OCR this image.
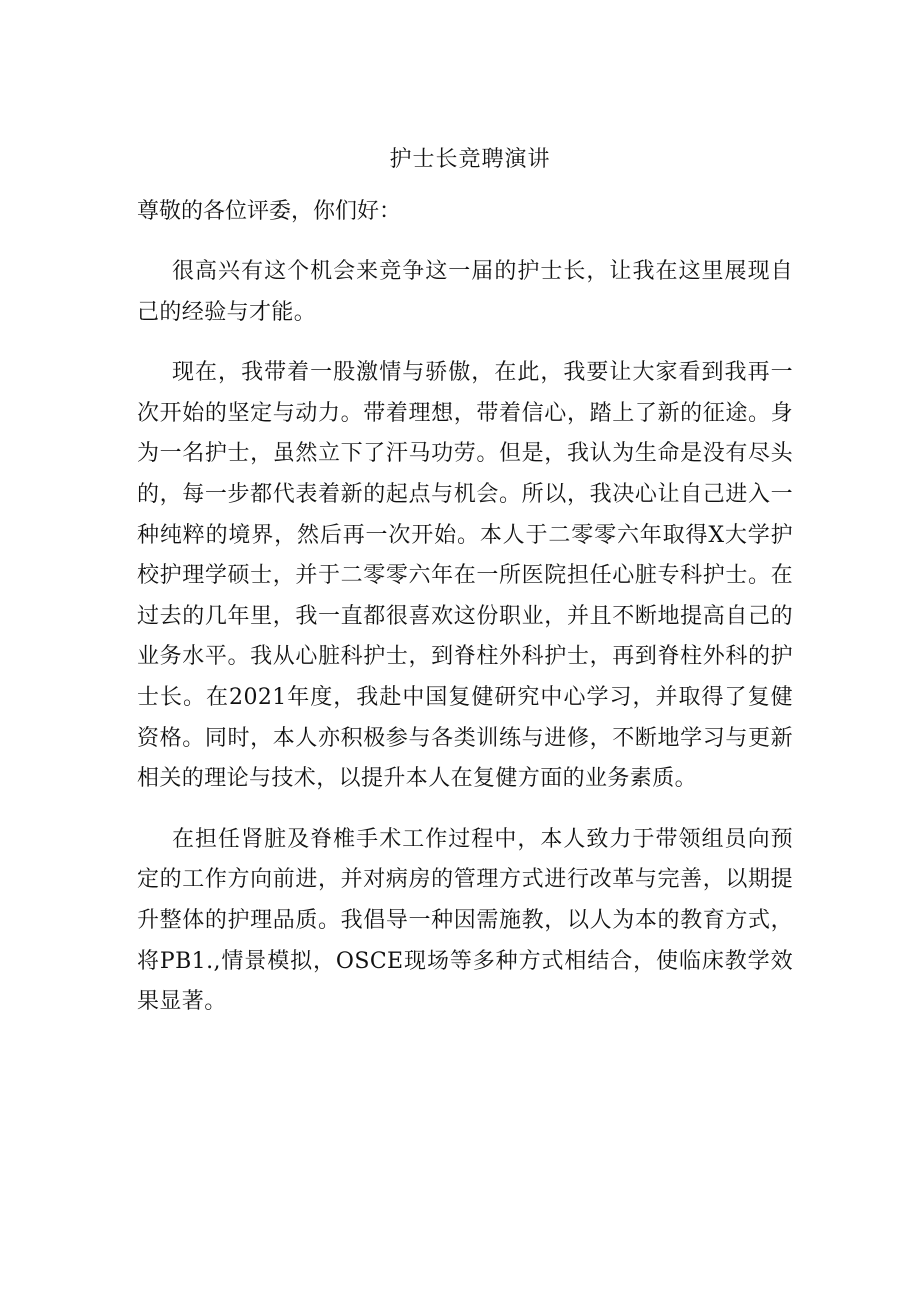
护士长竞聘演讲

尊敬的各位评委，你们好：

很高兴有这个机会来竞争这一届的护士长，让我在这里展现自己的经验与才能。

现在，我带着一股激情与骄傲，在此，我要让大家看到我再一次开始的坚定与动力。带着理想，带着信心，踏上了新的征途。身为一名护士，虽然立下了汗马功劳。但是，我认为生命是没有尽头的，每一步都代表着新的起点与机会。所以，我决心让自己进入一种纯粹的境界，然后再一次开始。本人于二零零六年取得X大学护校护理学硕士，并于二零零六年在一所医院担任心脏专科护士。在过去的几年里，我一直都很喜欢这份职业，并且不断地提高自己的业务水平。我从心脏科护士，到脊柱外科护士，再到脊柱外科的护士长。在2021年度，我赴中国复健研究中心学习，并取得了复健资格。同时，本人亦积极参与各类训练与进修，不断地学习与更新相关的理论与技术，以提升本人在复健方面的业务素质。

在担任肾脏及脊椎手术工作过程中，本人致力于带领组员向预定的工作方向前进，并对病房的管理方式进行改革与完善，以期提升整体的护理品质。我倡导一种因需施教，以人为本的教育方式，将PB1.,情景模拟，OSCE现场等多种方式相结合，使临床教学效果显著。
